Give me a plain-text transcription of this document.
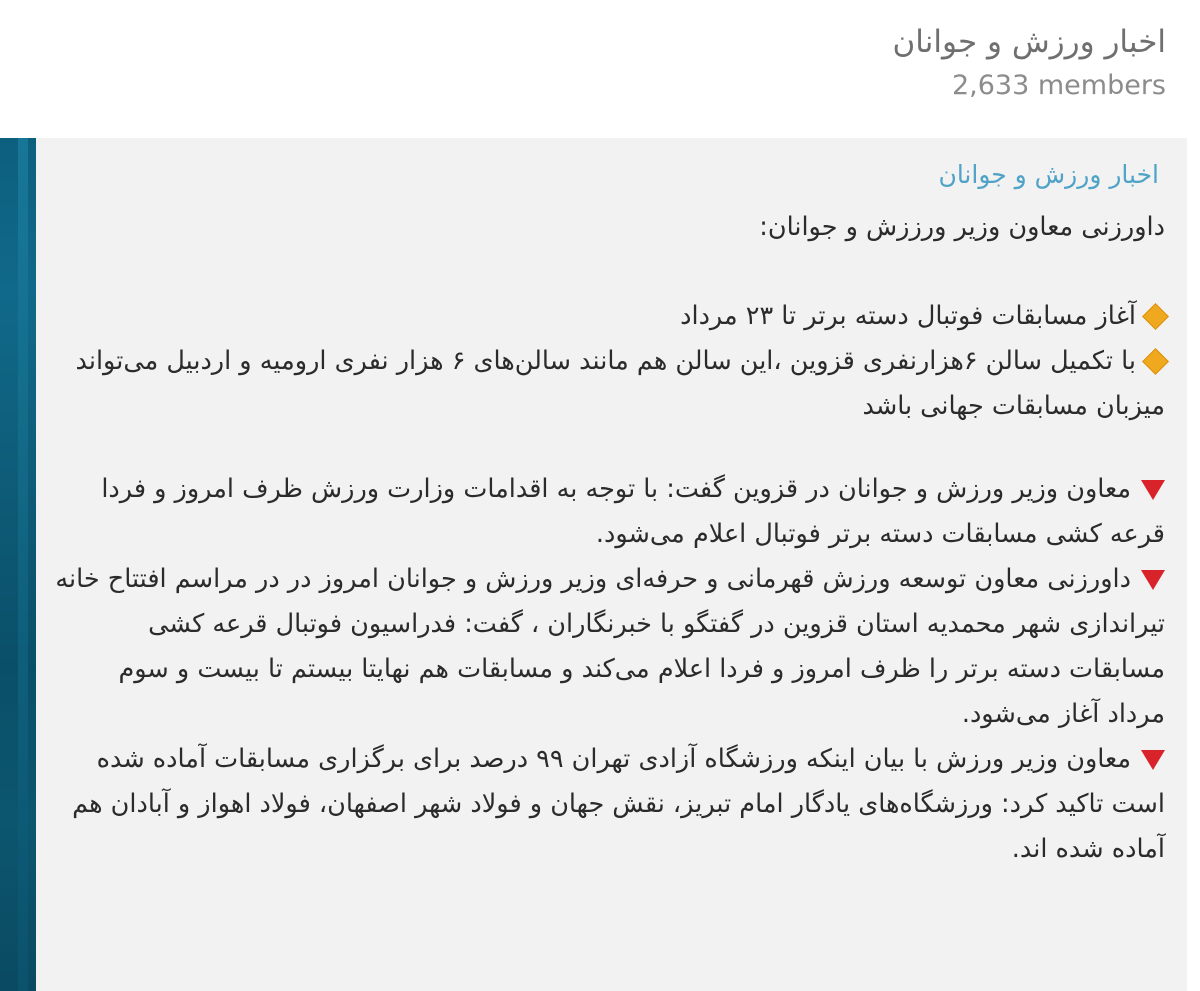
اخبار ورزش و جوانان
2,633 members
اخبار ورزش و جوانان
داورزنی معاون وزیر ورززش و جوانان:
آغاز مسابقات فوتبال دسته برتر تا ۲۳ مرداد
با تکمیل سالن ۶هزارنفری قزوین ،این سالن هم مانند سالن‌های ۶ هزار نفری ارومیه و اردبیل می‌تواند میزبان مسابقات جهانی باشد
معاون وزیر ورزش و جوانان در قزوین گفت: با توجه به اقدامات وزارت ورزش ظرف امروز و فردا قرعه کشی مسابقات دسته برتر فوتبال اعلام می‌شود.
داورزنی معاون توسعه ورزش قهرمانی و حرفه‌ای وزیر ورزش و جوانان امروز در در مراسم افتتاح خانه تیراندازی شهر محمدیه استان قزوین در گفتگو با خبرنگاران ، گفت: فدراسیون فوتبال قرعه کشی مسابقات دسته برتر را ظرف امروز و فردا اعلام می‌کند و مسابقات هم نهایتا بیستم تا بیست و سوم مرداد آغاز می‌شود.
معاون وزیر ورزش با بیان اینکه ورزشگاه آزادی تهران ۹۹ درصد برای برگزاری مسابقات آماده شده است تاکید کرد: ورزشگاه‌های یادگار امام تبریز، نقش جهان و فولاد شهر اصفهان، فولاد اهواز و آبادان هم آماده شده اند.
